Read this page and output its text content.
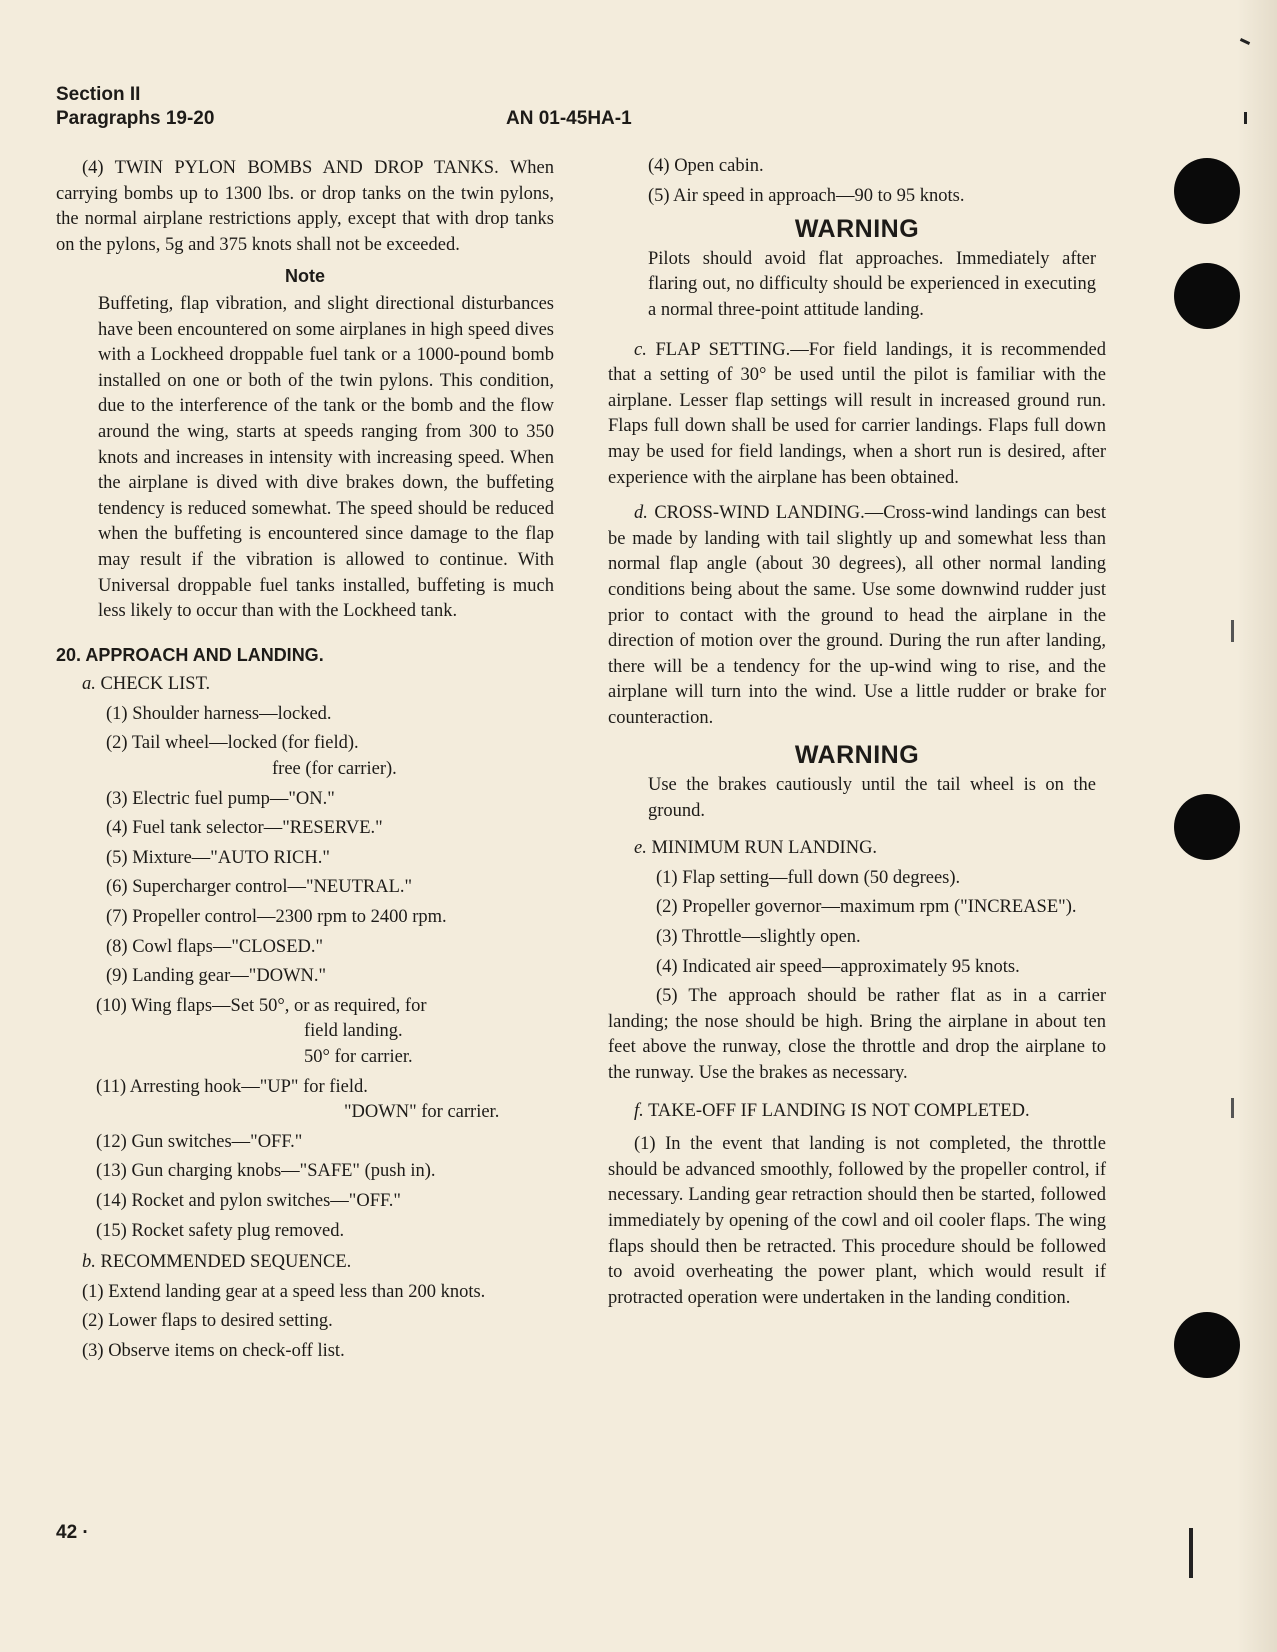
Section II
Paragraphs 19-20	AN 01-45HA-1

(4) TWIN PYLON BOMBS AND DROP TANKS. When carrying bombs up to 1300 lbs. or drop tanks on the twin pylons, the normal airplane restrictions apply, except that with drop tanks on the pylons, 5g and 375 knots shall not be exceeded.

Note

Buffeting, flap vibration, and slight directional disturbances have been encountered on some airplanes in high speed dives with a Lockheed droppable fuel tank or a 1000-pound bomb installed on one or both of the twin pylons. This condition, due to the interference of the tank or the bomb and the flow around the wing, starts at speeds ranging from 300 to 350 knots and increases in intensity with increasing speed. When the airplane is dived with dive brakes down, the buffeting tendency is reduced somewhat. The speed should be reduced when the buffeting is encountered since damage to the flap may result if the vibration is allowed to continue. With Universal droppable fuel tanks installed, buffeting is much less likely to occur than with the Lockheed tank.

20. APPROACH AND LANDING.

a. CHECK LIST.

(1) Shoulder harness—locked.

(2) Tail wheel—locked (for field).

free (for carrier).

(3) Electric fuel pump—"ON."

(4) Fuel tank selector—"RESERVE."

(5) Mixture—"AUTO RICH."

(6) Supercharger control—"NEUTRAL."

(7) Propeller control—2300 rpm to 2400 rpm.

(8) Cowl flaps—"CLOSED."

(9) Landing gear—"DOWN."

(10) Wing flaps—Set 50°, or as required, for

field landing.

50° for carrier.

(11) Arresting hook—"UP" for field.

"DOWN" for carrier.

(12) Gun switches—"OFF."

(13) Gun charging knobs—"SAFE" (push in).

(14) Rocket and pylon switches—"OFF."

(15) Rocket safety plug removed.

b. RECOMMENDED SEQUENCE.

(1) Extend landing gear at a speed less than 200 knots.

(2) Lower flaps to desired setting.

(3) Observe items on check-off list.

(4) Open cabin.

(5) Air speed in approach—90 to 95 knots.

WARNING

Pilots should avoid flat approaches. Immediately after flaring out, no difficulty should be experienced in executing a normal three-point attitude landing.

c. FLAP SETTING.—For field landings, it is recommended that a setting of 30° be used until the pilot is familiar with the airplane. Lesser flap settings will result in increased ground run. Flaps full down shall be used for carrier landings. Flaps full down may be used for field landings, when a short run is desired, after experience with the airplane has been obtained.

d. CROSS-WIND LANDING.—Cross-wind landings can best be made by landing with tail slightly up and somewhat less than normal flap angle (about 30 degrees), all other normal landing conditions being about the same. Use some downwind rudder just prior to contact with the ground to head the airplane in the direction of motion over the ground. During the run after landing, there will be a tendency for the up-wind wing to rise, and the airplane will turn into the wind. Use a little rudder or brake for counteraction.

WARNING

Use the brakes cautiously until the tail wheel is on the ground.

e. MINIMUM RUN LANDING.

(1) Flap setting—full down (50 degrees).

(2) Propeller governor—maximum rpm ("INCREASE").

(3) Throttle—slightly open.

(4) Indicated air speed—approximately 95 knots.

(5) The approach should be rather flat as in a carrier landing; the nose should be high. Bring the airplane in about ten feet above the runway, close the throttle and drop the airplane to the runway. Use the brakes as necessary.

f. TAKE-OFF IF LANDING IS NOT COMPLETED.

(1) In the event that landing is not completed, the throttle should be advanced smoothly, followed by the propeller control, if necessary. Landing gear retraction should then be started, followed immediately by opening of the cowl and oil cooler flaps. The wing flaps should then be retracted. This procedure should be followed to avoid overheating the power plant, which would result if protracted operation were undertaken in the landing condition.

42 ·
